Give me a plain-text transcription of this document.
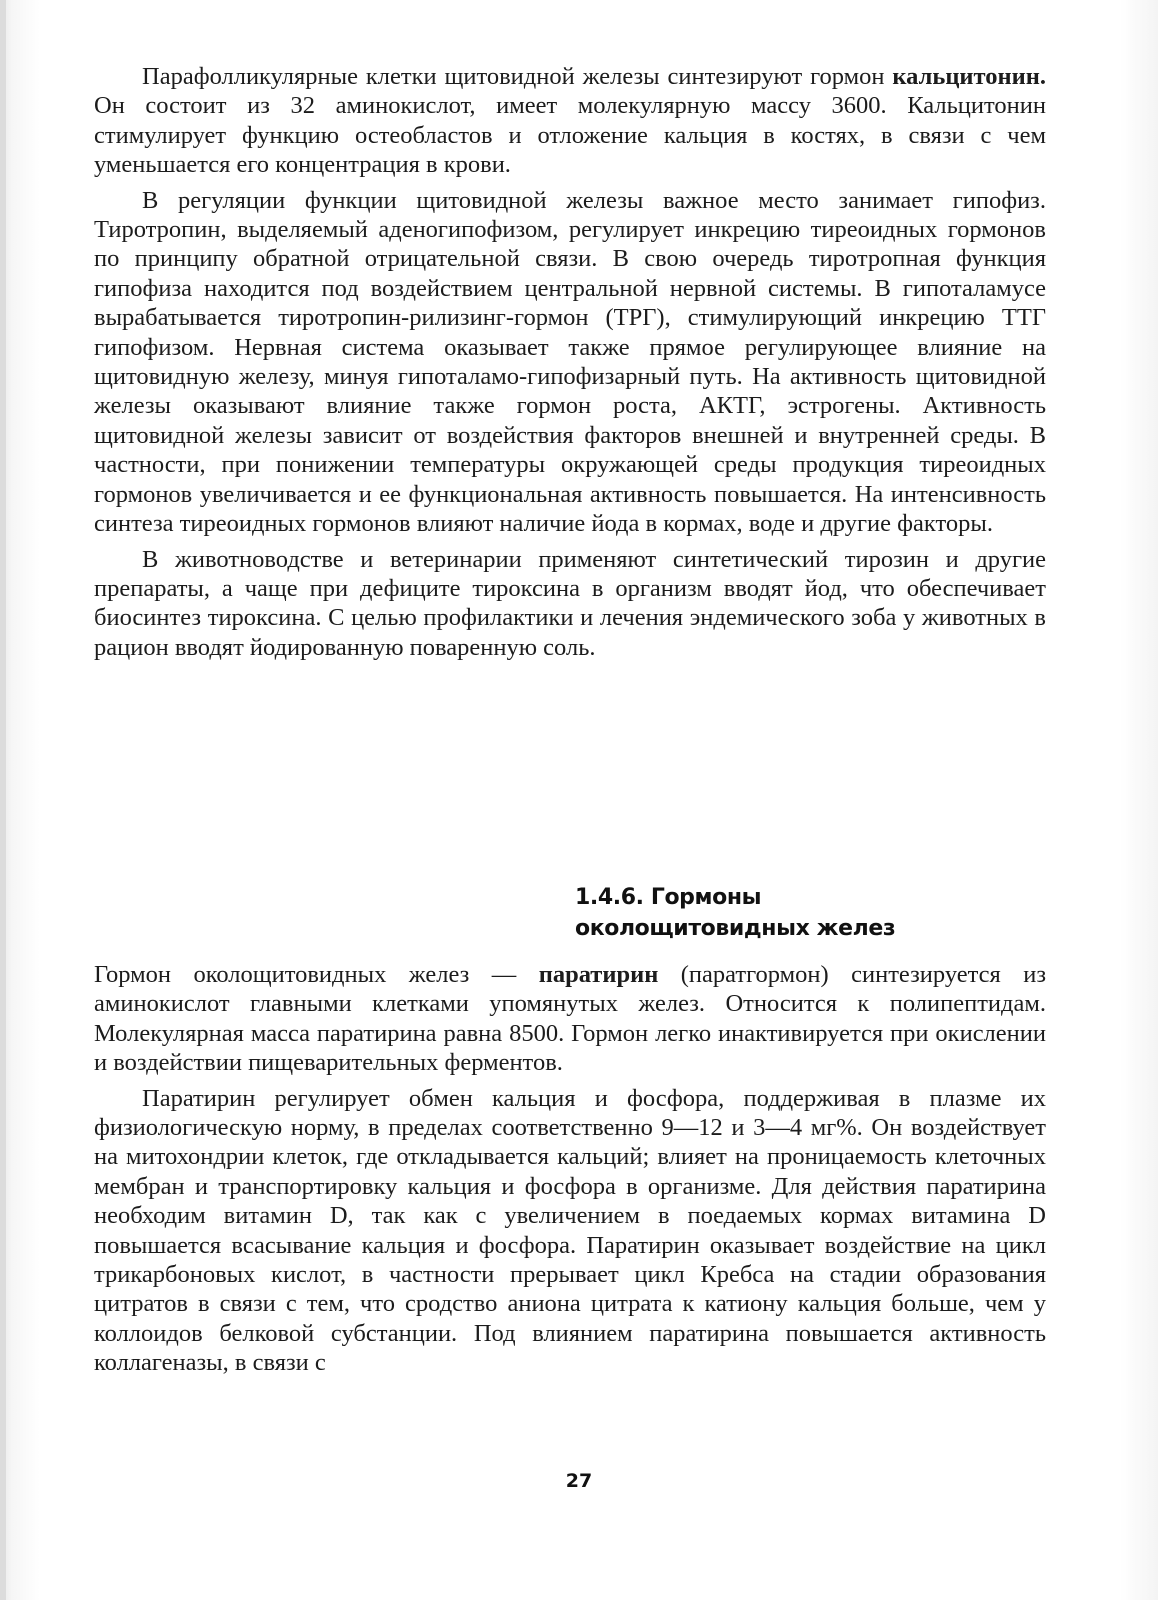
Парафолликулярные клетки щитовидной железы синтезируют гормон кальцитонин. Он состоит из 32 аминокислот, имеет молекулярную массу 3600. Кальцитонин стимулирует функцию остеобластов и отложение кальция в костях, в связи с чем уменьшается его концентрация в крови.

В регуляции функции щитовидной железы важное место занимает гипофиз. Тиротропин, выделяемый аденогипофизом, регулирует инкрецию тиреоидных гормонов по принципу обратной отрицательной связи. В свою очередь тиротропная функция гипофиза находится под воздействием центральной нервной системы. В гипоталамусе вырабатывается тиротропин-рилизинг-гормон (ТРГ), стимулирующий инкрецию ТТГ гипофизом. Нервная система оказывает также прямое регулирующее влияние на щитовидную железу, минуя гипоталамо-гипофизарный путь. На активность щитовидной железы оказывают влияние также гормон роста, АКТГ, эстрогены. Активность щитовидной железы зависит от воздействия факторов внешней и внутренней среды. В частности, при понижении температуры окружающей среды продукция тиреоидных гормонов увеличивается и ее функциональная активность повышается. На интенсивность синтеза тиреоидных гормонов влияют наличие йода в кормах, воде и другие факторы.

В животноводстве и ветеринарии применяют синтетический тирозин и другие препараты, а чаще при дефиците тироксина в организм вводят йод, что обеспечивает биосинтез тироксина. С целью профилактики и лечения эндемического зоба у животных в рацион вводят йодированную поваренную соль.

1.4.6. Гормоны
околощитовидных желез

Гормон околощитовидных желез — паратирин (паратгормон) синтезируется из аминокислот главными клетками упомянутых желез. Относится к полипептидам. Молекулярная масса паратирина равна 8500. Гормон легко инактивируется при окислении и воздействии пищеварительных ферментов.

Паратирин регулирует обмен кальция и фосфора, поддерживая в плазме их физиологическую норму, в пределах соответственно 9—12 и 3—4 мг%. Он воздействует на митохондрии клеток, где откладывается кальций; влияет на проницаемость клеточных мембран и транспортировку кальция и фосфора в организме. Для действия паратирина необходим витамин D, так как с увеличением в поедаемых кормах витамина D повышается всасывание кальция и фосфора. Паратирин оказывает воздействие на цикл трикарбоновых кислот, в частности прерывает цикл Кребса на стадии образования цитратов в связи с тем, что сродство аниона цитрата к катиону кальция больше, чем у коллоидов белковой субстанции. Под влиянием паратирина повышается активность коллагеназы, в связи с

27
